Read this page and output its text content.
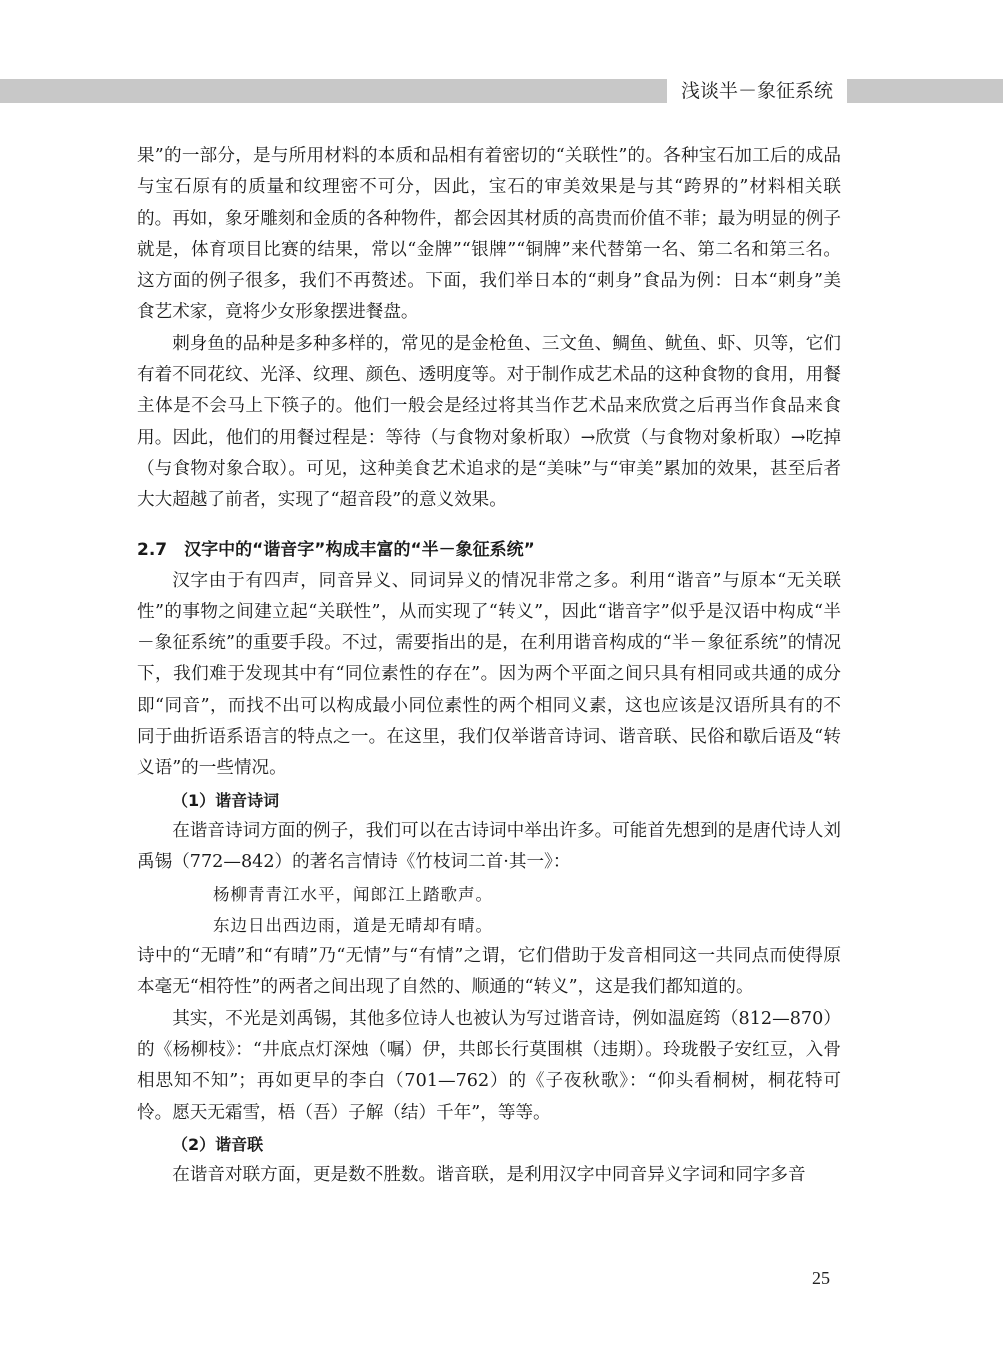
浅谈半－象征系统

果”的一部分，是与所用材料的本质和品相有着密切的“关联性”的。各种宝石加工后的成品与宝石原有的质量和纹理密不可分，因此，宝石的审美效果是与其“跨界的”材料相关联的。再如，象牙雕刻和金质的各种物件，都会因其材质的高贵而价值不菲；最为明显的例子就是，体育项目比赛的结果，常以“金牌”“银牌”“铜牌”来代替第一名、第二名和第三名。这方面的例子很多，我们不再赘述。下面，我们举日本的“刺身”食品为例：日本“刺身”美食艺术家，竟将少女形象摆进餐盘。

刺身鱼的品种是多种多样的，常见的是金枪鱼、三文鱼、鲷鱼、鱿鱼、虾、贝等，它们有着不同花纹、光泽、纹理、颜色、透明度等。对于制作成艺术品的这种食物的食用，用餐主体是不会马上下筷子的。他们一般会是经过将其当作艺术品来欣赏之后再当作食品来食用。因此，他们的用餐过程是：等待（与食物对象析取）→欣赏（与食物对象析取）→吃掉（与食物对象合取）。可见，这种美食艺术追求的是“美味”与“审美”累加的效果，甚至后者大大超越了前者，实现了“超音段”的意义效果。

2.7　汉字中的“谐音字”构成丰富的“半－象征系统”

汉字由于有四声，同音异义、同词异义的情况非常之多。利用“谐音”与原本“无关联性”的事物之间建立起“关联性”，从而实现了“转义”，因此“谐音字”似乎是汉语中构成“半－象征系统”的重要手段。不过，需要指出的是，在利用谐音构成的“半－象征系统”的情况下，我们难于发现其中有“同位素性的存在”。因为两个平面之间只具有相同或共通的成分即“同音”，而找不出可以构成最小同位素性的两个相同义素，这也应该是汉语所具有的不同于曲折语系语言的特点之一。在这里，我们仅举谐音诗词、谐音联、民俗和歇后语及“转义语”的一些情况。

（1）谐音诗词

在谐音诗词方面的例子，我们可以在古诗词中举出许多。可能首先想到的是唐代诗人刘禹锡（772—842）的著名言情诗《竹枝词二首·其一》：

杨柳青青江水平，闻郎江上踏歌声。
东边日出西边雨，道是无晴却有晴。

诗中的“无晴”和“有晴”乃“无情”与“有情”之谓，它们借助于发音相同这一共同点而使得原本毫无“相符性”的两者之间出现了自然的、顺通的“转义”，这是我们都知道的。

其实，不光是刘禹锡，其他多位诗人也被认为写过谐音诗，例如温庭筠（812—870）的《杨柳枝》：“井底点灯深烛（嘱）伊，共郎长行莫围棋（违期）。玲珑骰子安红豆，入骨相思知不知”；再如更早的李白（701—762）的《子夜秋歌》：“仰头看桐树，桐花特可怜。愿天无霜雪，梧（吾）子解（结）千年”，等等。

（2）谐音联

在谐音对联方面，更是数不胜数。谐音联，是利用汉字中同音异义字词和同字多音

25
